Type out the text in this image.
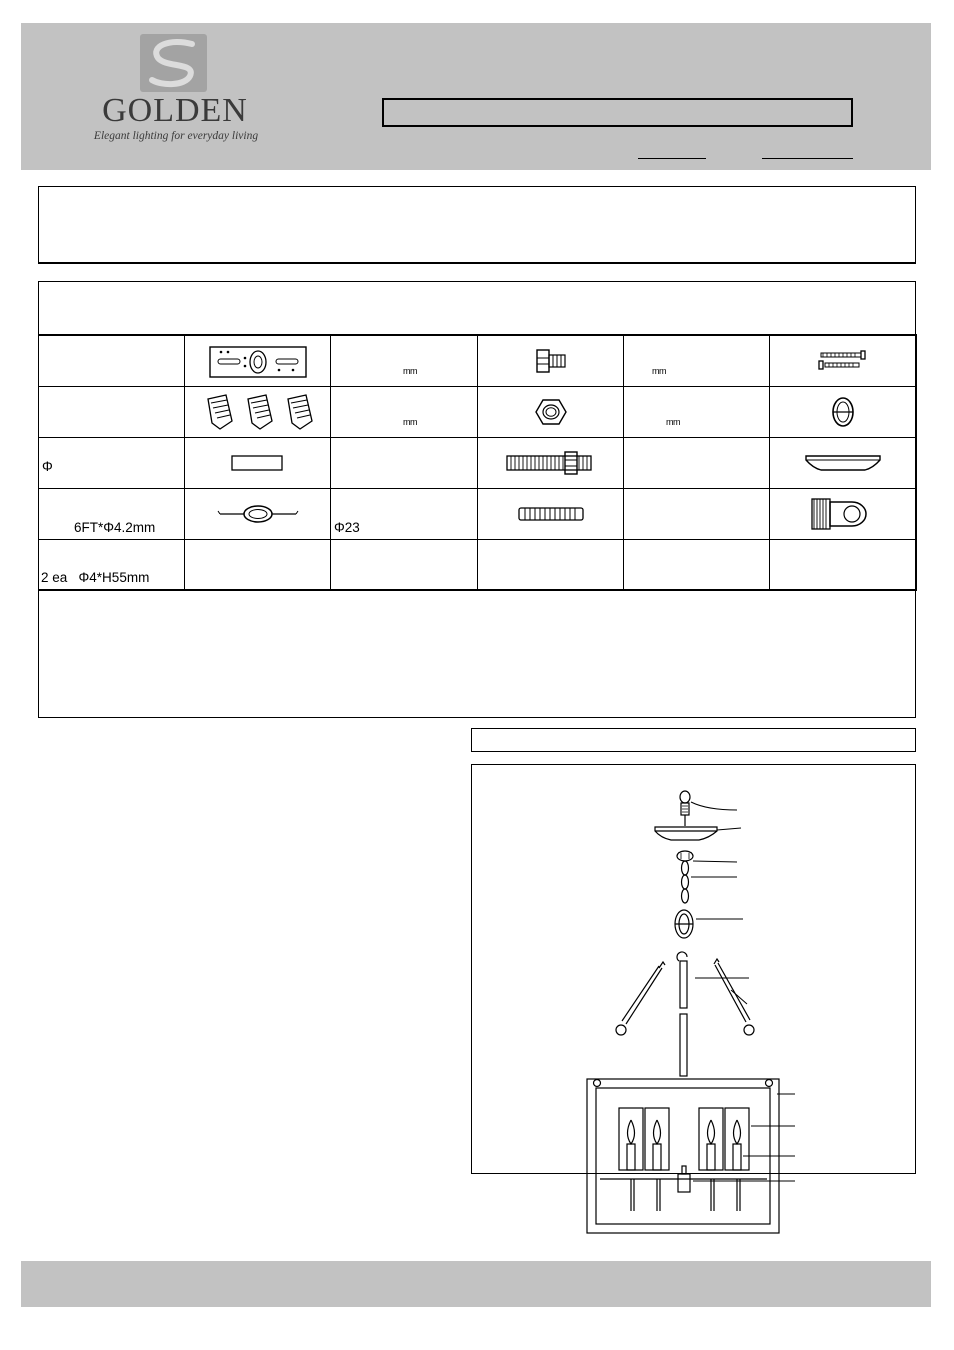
GOLDEN
Elegant lighting for everyday living

mm		mm

mm		mm

Φ

6FT*Φ4.2mm		Φ23

2 ea   Φ4*H55mm					
